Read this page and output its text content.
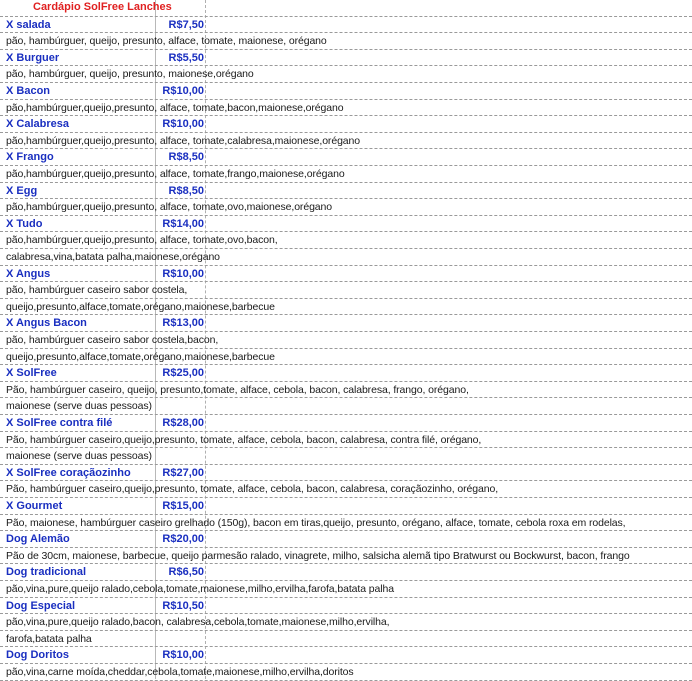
Cardápio SolFree Lanches
X salada	R$7,50
pão, hambúrguer, queijo, presunto, alface, tomate, maionese, orégano
X Burguer	R$5,50
pão, hambúrguer, queijo, presunto, maionese,orégano
X Bacon	R$10,00
pão,hambúrguer,queijo,presunto, alface, tomate,bacon,maionese,orégano
X Calabresa	R$10,00
pão,hambúrguer,queijo,presunto, alface, tomate,calabresa,maionese,orégano
X Frango	R$8,50
pão,hambúrguer,queijo,presunto, alface, tomate,frango,maionese,orégano
X Egg	R$8,50
pão,hambúrguer,queijo,presunto, alface, tomate,ovo,maionese,orégano
X Tudo	R$14,00
pão,hambúrguer,queijo,presunto, alface, tomate,ovo,bacon,
calabresa,vina,batata palha,maionese,orégano
X Angus	R$10,00
pão, hambúrguer caseiro sabor costela,
queijo,presunto,alface,tomate,orégano,maionese,barbecue
X Angus Bacon	R$13,00
pão, hambúrguer caseiro sabor costela,bacon,
queijo,presunto,alface,tomate,orégano,maionese,barbecue
X SolFree	R$25,00
Pão, hambúrguer caseiro, queijo, presunto,tomate, alface, cebola, bacon, calabresa, frango, orégano,
maionese (serve duas pessoas)
X SolFree contra filé	R$28,00
Pão, hambúrguer caseiro,queijo,presunto, tomate, alface, cebola, bacon, calabresa, contra filé, orégano,
maionese (serve duas pessoas)
X SolFree coraçãozinho	R$27,00
Pão, hambúrguer caseiro,queijo,presunto, tomate, alface, cebola, bacon, calabresa, coraçãozinho, orégano,
X Gourmet	R$15,00
Pão, maionese, hambúrguer caseiro grelhado (150g), bacon em tiras,queijo, presunto, orégano, alface, tomate, cebola roxa em rodelas,
Dog Alemão	R$20,00
Pão de 30cm, maionese, barbecue, queijo parmesão ralado, vinagrete, milho, salsicha alemã tipo Bratwurst ou Bockwurst, bacon, frango
Dog tradicional	R$6,50
pão,vina,pure,queijo ralado,cebola,tomate,maionese,milho,ervilha,farofa,batata palha
Dog Especial	R$10,50
pão,vina,pure,queijo ralado,bacon, calabresa,cebola,tomate,maionese,milho,ervilha,
farofa,batata palha
Dog Doritos	R$10,00
pão,vina,carne moída,cheddar,cebola,tomate,maionese,milho,ervilha,doritos
